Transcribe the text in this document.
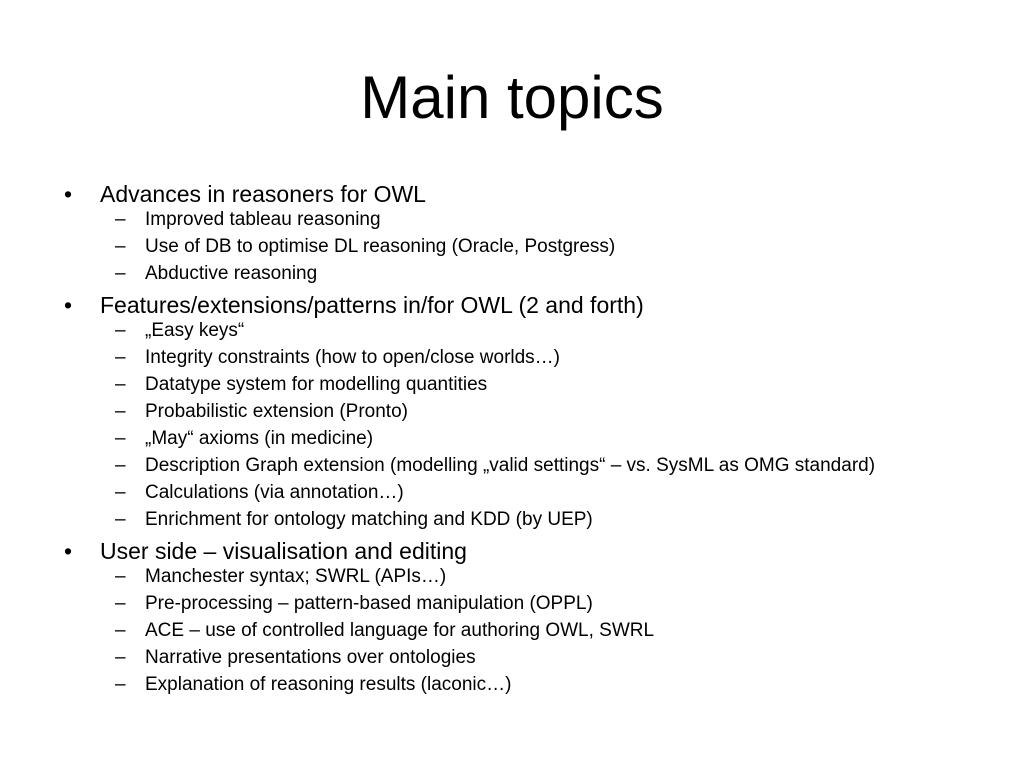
Main topics
• Advances in reasoners for OWL
– Improved tableau reasoning
– Use of DB to optimise DL reasoning (Oracle, Postgress)
– Abductive reasoning
• Features/extensions/patterns in/for OWL (2 and forth)
– „Easy keys“
– Integrity constraints (how to open/close worlds…)
– Datatype system for modelling quantities
– Probabilistic extension (Pronto)
– „May“ axioms (in medicine)
– Description Graph extension (modelling „valid settings“ – vs. SysML as OMG standard)
– Calculations (via annotation…)
– Enrichment for ontology matching and KDD (by UEP)
• User side – visualisation and editing
– Manchester syntax; SWRL (APIs…)
– Pre-processing – pattern-based manipulation (OPPL)
– ACE – use of controlled language for authoring OWL, SWRL
– Narrative presentations over ontologies
– Explanation of reasoning results (laconic…)
